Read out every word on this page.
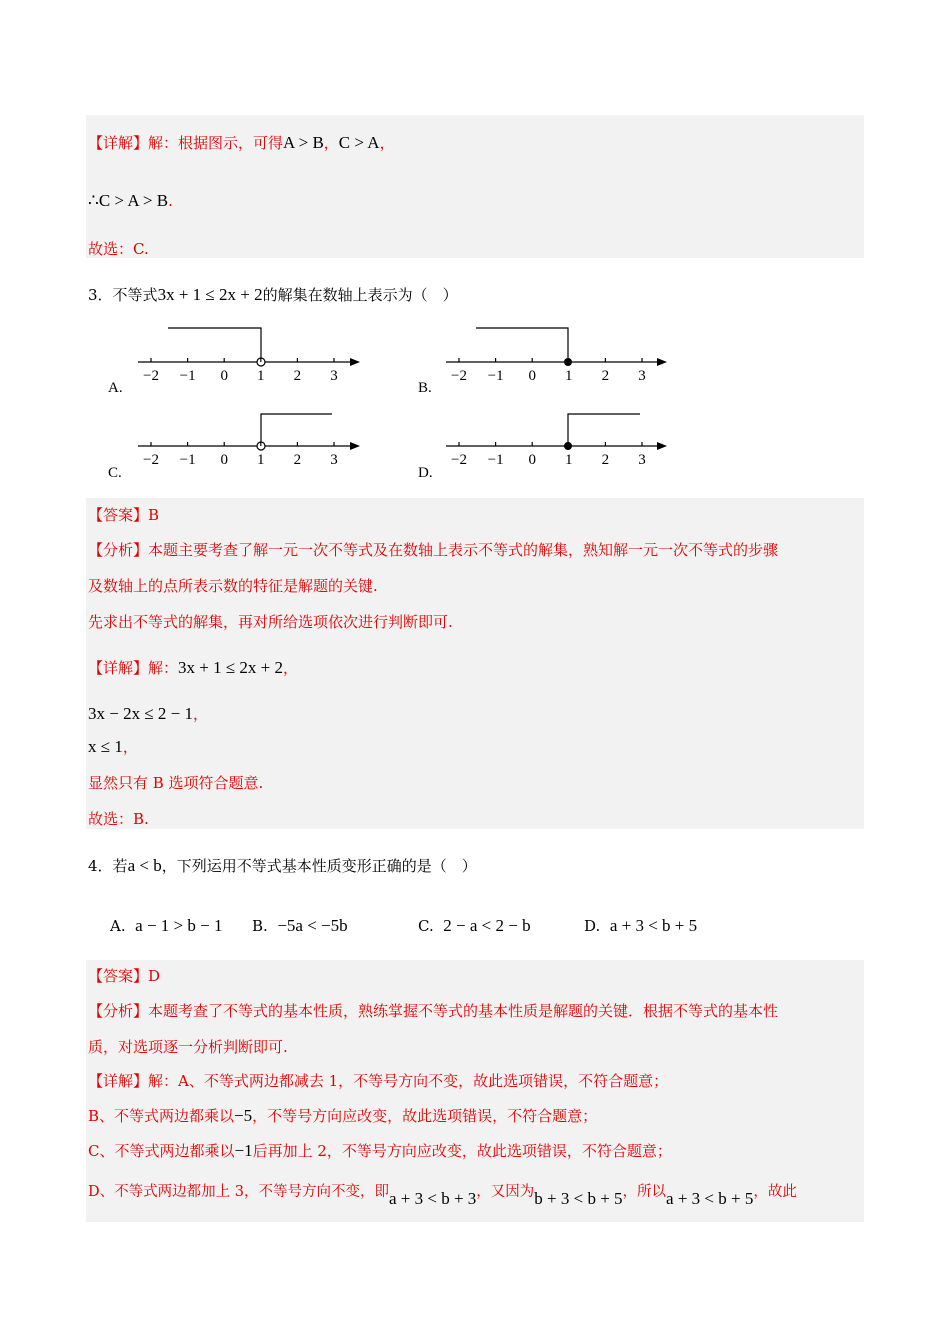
【详解】解：根据图示，可得A > B，C > A，
∴C > A > B.
故选：C.
3．不等式3x + 1 ≤ 2x + 2的解集在数轴上表示为（　）
A.
−2 −1 0 1 2 3
B.
−2 −1 0 1 2 3
C.
−2 −1 0 1 2 3
D.
−2 −1 0 1 2 3
【答案】B
【分析】本题主要考查了解一元一次不等式及在数轴上表示不等式的解集，熟知解一元一次不等式的步骤
及数轴上的点所表示数的特征是解题的关键.
先求出不等式的解集，再对所给选项依次进行判断即可.
【详解】解：3x + 1 ≤ 2x + 2，
3x − 2x ≤ 2 − 1，
x ≤ 1，
显然只有 B 选项符合题意.
故选：B.
4．若a < b，下列运用不等式基本性质变形正确的是（　）
A. a − 1 > b − 1 B. −5a < −5b	C. 2 − a < 2 − b	D. a + 3 < b + 5
【答案】D
【分析】本题考查了不等式的基本性质，熟练掌握不等式的基本性质是解题的关键．根据不等式的基本性
质，对选项逐一分析判断即可.
【详解】解：A、不等式两边都减去 1，不等号方向不变，故此选项错误，不符合题意；
B、不等式两边都乘以−5，不等号方向应改变，故此选项错误，不符合题意；
C、不等式两边都乘以−1后再加上 2，不等号方向应改变，故此选项错误，不符合题意；
D、不等式两边都加上 3，不等号方向不变，即a + 3 < b + 3，又因为b + 3 < b + 5，所以a + 3 < b + 5，故此
